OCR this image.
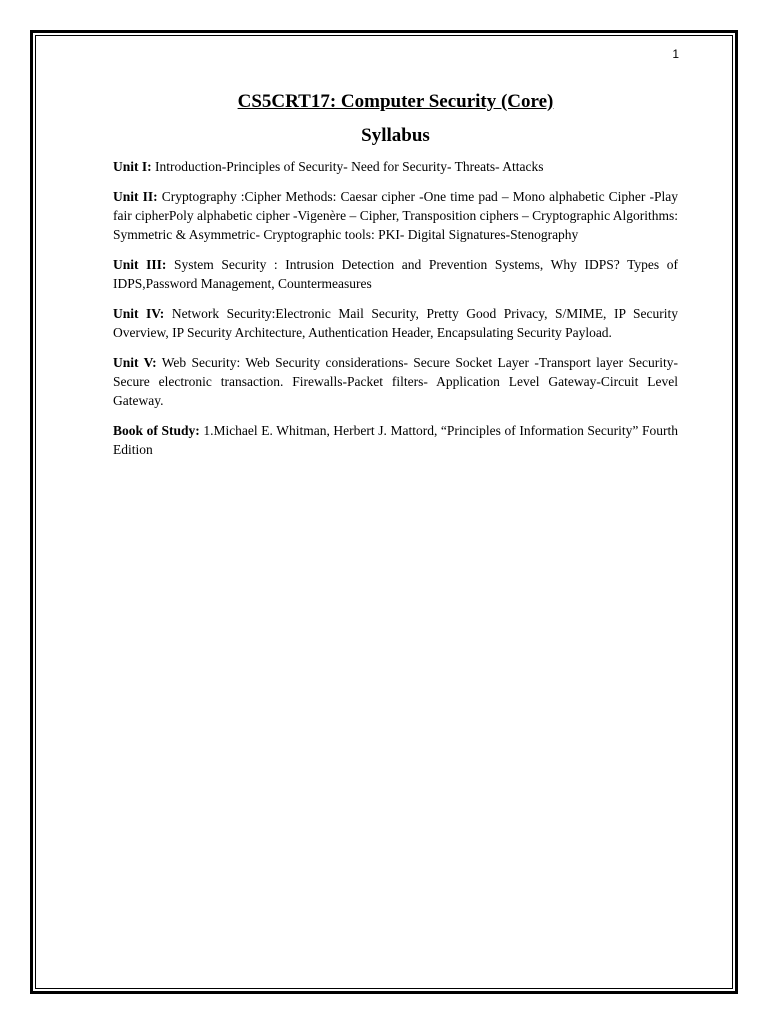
1
CS5CRT17: Computer Security (Core)
Syllabus

Unit I: Introduction-Principles of Security- Need for Security- Threats- Attacks

Unit II: Cryptography :Cipher Methods: Caesar cipher -One time pad – Mono alphabetic Cipher -Play fair cipherPoly alphabetic cipher -Vigenère – Cipher, Transposition ciphers – Cryptographic Algorithms: Symmetric & Asymmetric- Cryptographic tools: PKI- Digital Signatures-Stenography

Unit III: System Security : Intrusion Detection and Prevention Systems, Why IDPS? Types of IDPS,Password Management, Countermeasures

Unit IV: Network Security:Electronic Mail Security, Pretty Good Privacy, S/MIME, IP Security Overview, IP Security Architecture, Authentication Header, Encapsulating Security Payload.

Unit V: Web Security: Web Security considerations- Secure Socket Layer -Transport layer Security-Secure electronic transaction. Firewalls-Packet filters- Application Level Gateway-Circuit Level Gateway.

Book of Study: 1.Michael E. Whitman, Herbert J. Mattord, “Principles of Information Security” Fourth Edition
